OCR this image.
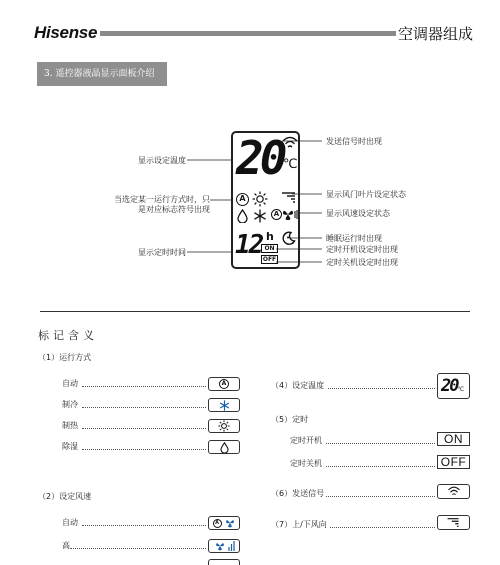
Hisense	空调器组成
3. 遥控器液晶显示面板介绍
20 ℃
A
A
12 h
ON
OFF
发送信号时出现
显示设定温度
当选定某一运行方式时，只是对应标志符号出现
显示风门叶片设定状态
显示风速设定状态
睡眠运行时出现
显示定时时间	定时开机设定时出现
定时关机设定时出现
标记含义
（1）运行方式
自动	A
制冷
制热
除湿
（2）设定风速
自动	A
高
（4）设定温度	20 ℃
（5）定时
定时开机	ON
定时关机	OFF
（6）发送信号
（7）上/下风向
